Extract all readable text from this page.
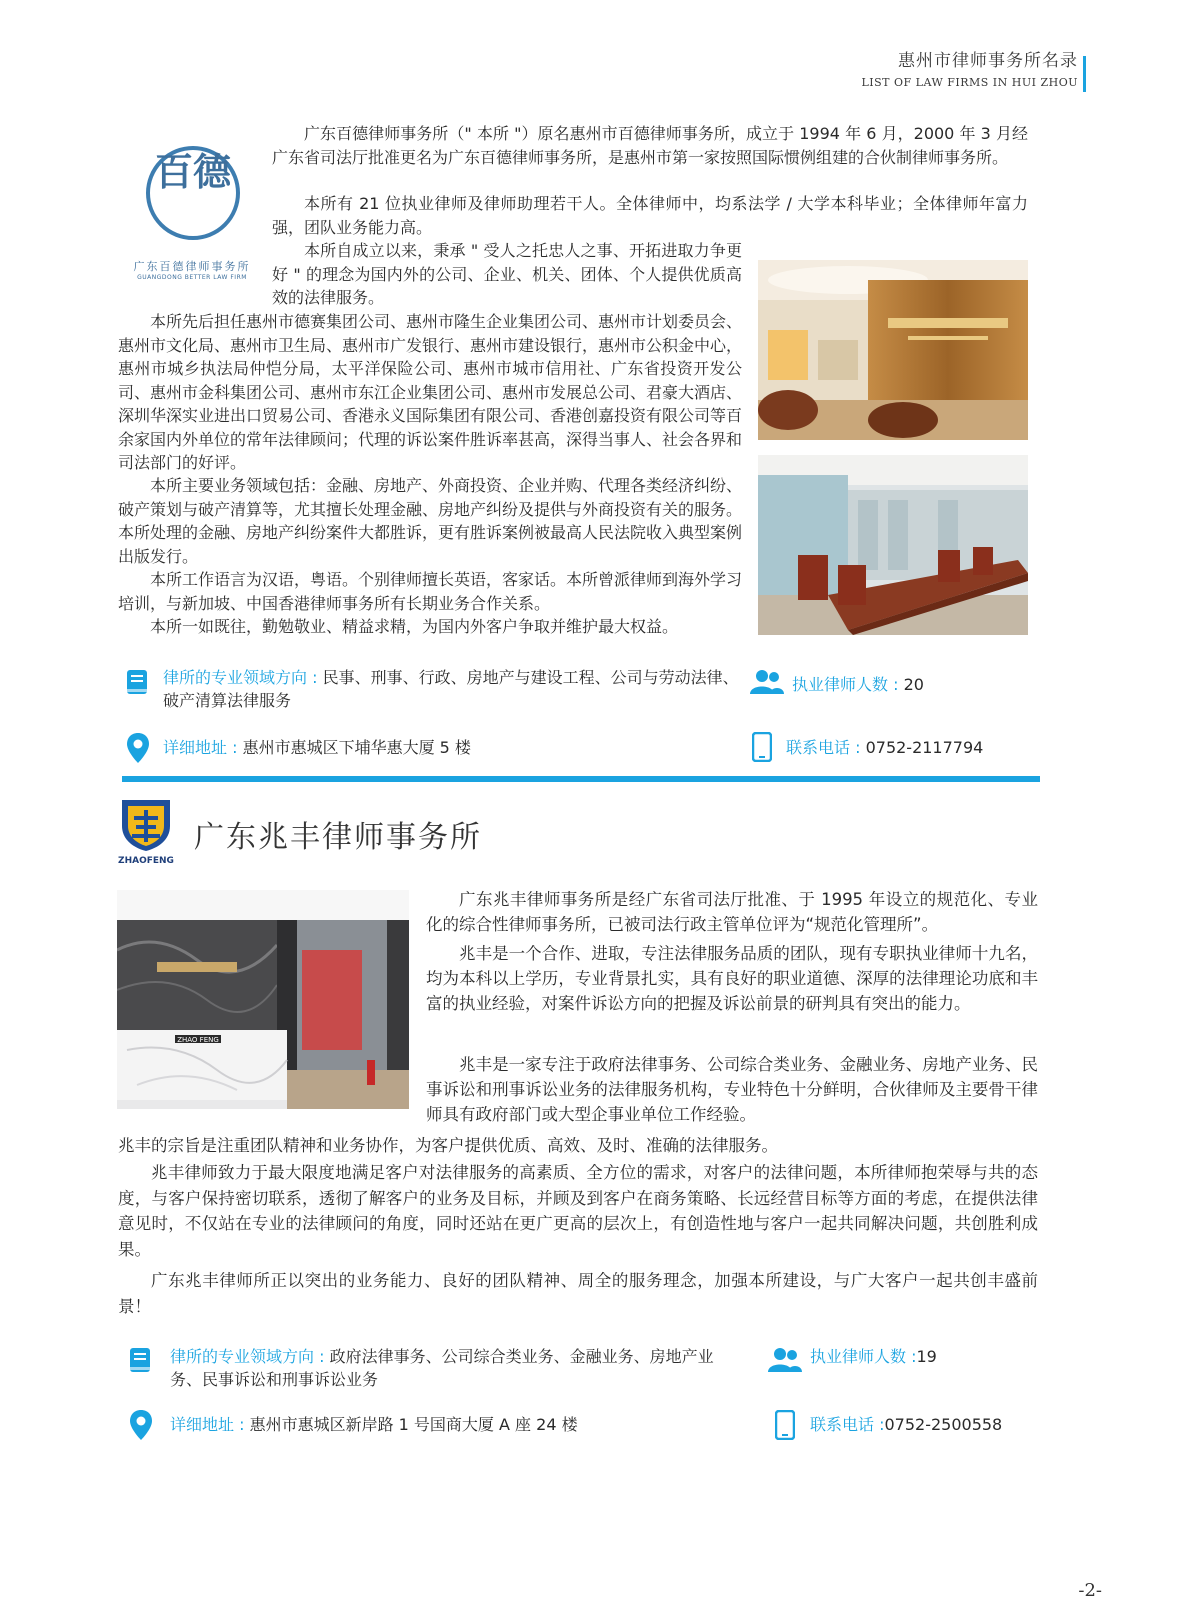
惠州市律师事务所名录
LIST OF LAW FIRMS IN HUI ZHOU
百德
广东百德律师事务所
GUANGDONG BETTER LAW FIRM
广东百德律师事务所（" 本所 "）原名惠州市百德律师事务所，成立于 1994 年 6 月，2000 年 3 月经广东省司法厅批准更名为广东百德律师事务所，是惠州市第一家按照国际惯例组建的合伙制律师事务所。
本所有 21 位执业律师及律师助理若干人。全体律师中，均系法学 / 大学本科毕业；全体律师年富力强，团队业务能力高。
本所自成立以来，秉承 " 受人之托忠人之事、开拓进取力争更好 " 的理念为国内外的公司、企业、机关、团体、个人提供优质高效的法律服务。
本所先后担任惠州市德赛集团公司、惠州市隆生企业集团公司、惠州市计划委员会、惠州市文化局、惠州市卫生局、惠州市广发银行、惠州市建设银行，惠州市公积金中心，惠州市城乡执法局仲恺分局，太平洋保险公司、惠州市城市信用社、广东省投资开发公司、惠州市金科集团公司、惠州市东江企业集团公司、惠州市发展总公司、君豪大酒店、深圳华深实业进出口贸易公司、香港永义国际集团有限公司、香港创嘉投资有限公司等百余家国内外单位的常年法律顾问；代理的诉讼案件胜诉率甚高，深得当事人、社会各界和司法部门的好评。
本所主要业务领域包括：金融、房地产、外商投资、企业并购、代理各类经济纠纷、破产策划与破产清算等，尤其擅长处理金融、房地产纠纷及提供与外商投资有关的服务。本所处理的金融、房地产纠纷案件大都胜诉，更有胜诉案例被最高人民法院收入典型案例出版发行。
本所工作语言为汉语，粤语。个别律师擅长英语，客家话。本所曾派律师到海外学习培训，与新加坡、中国香港律师事务所有长期业务合作关系。
本所一如既往，勤勉敬业、精益求精，为国内外客户争取并维护最大权益。
律所的专业领域方向 : 民事、刑事、行政、房地产与建设工程、公司与劳动法律、破产清算法律服务
执业律师人数 : 20
详细地址 : 惠州市惠城区下埔华惠大厦 5 楼	联系电话 : 0752-2117794
ZHAOFENG
广东兆丰律师事务所
ZHAO FENG
广东兆丰律师事务所是经广东省司法厅批准、于 1995 年设立的规范化、专业化的综合性律师事务所，已被司法行政主管单位评为“规范化管理所”。
兆丰是一个合作、进取，专注法律服务品质的团队，现有专职执业律师十九名，均为本科以上学历，专业背景扎实，具有良好的职业道德、深厚的法律理论功底和丰富的执业经验，对案件诉讼方向的把握及诉讼前景的研判具有突出的能力。
兆丰是一家专注于政府法律事务、公司综合类业务、金融业务、房地产业务、民事诉讼和刑事诉讼业务的法律服务机构，专业特色十分鲜明，合伙律师及主要骨干律师具有政府部门或大型企事业单位工作经验。
兆丰的宗旨是注重团队精神和业务协作，为客户提供优质、高效、及时、准确的法律服务。
兆丰律师致力于最大限度地满足客户对法律服务的高素质、全方位的需求，对客户的法律问题，本所律师抱荣辱与共的态度，与客户保持密切联系，透彻了解客户的业务及目标，并顾及到客户在商务策略、长远经营目标等方面的考虑，在提供法律意见时，不仅站在专业的法律顾问的角度，同时还站在更广更高的层次上，有创造性地与客户一起共同解决问题，共创胜利成果。
广东兆丰律师所正以突出的业务能力、良好的团队精神、周全的服务理念，加强本所建设，与广大客户一起共创丰盛前景！
律所的专业领域方向 : 政府法律事务、公司综合类业务、金融业务、房地产业务、民事诉讼和刑事诉讼业务
执业律师人数 :19
详细地址 : 惠州市惠城区新岸路 1 号国商大厦 A 座 24 楼	联系电话 :0752-2500558
-2-
